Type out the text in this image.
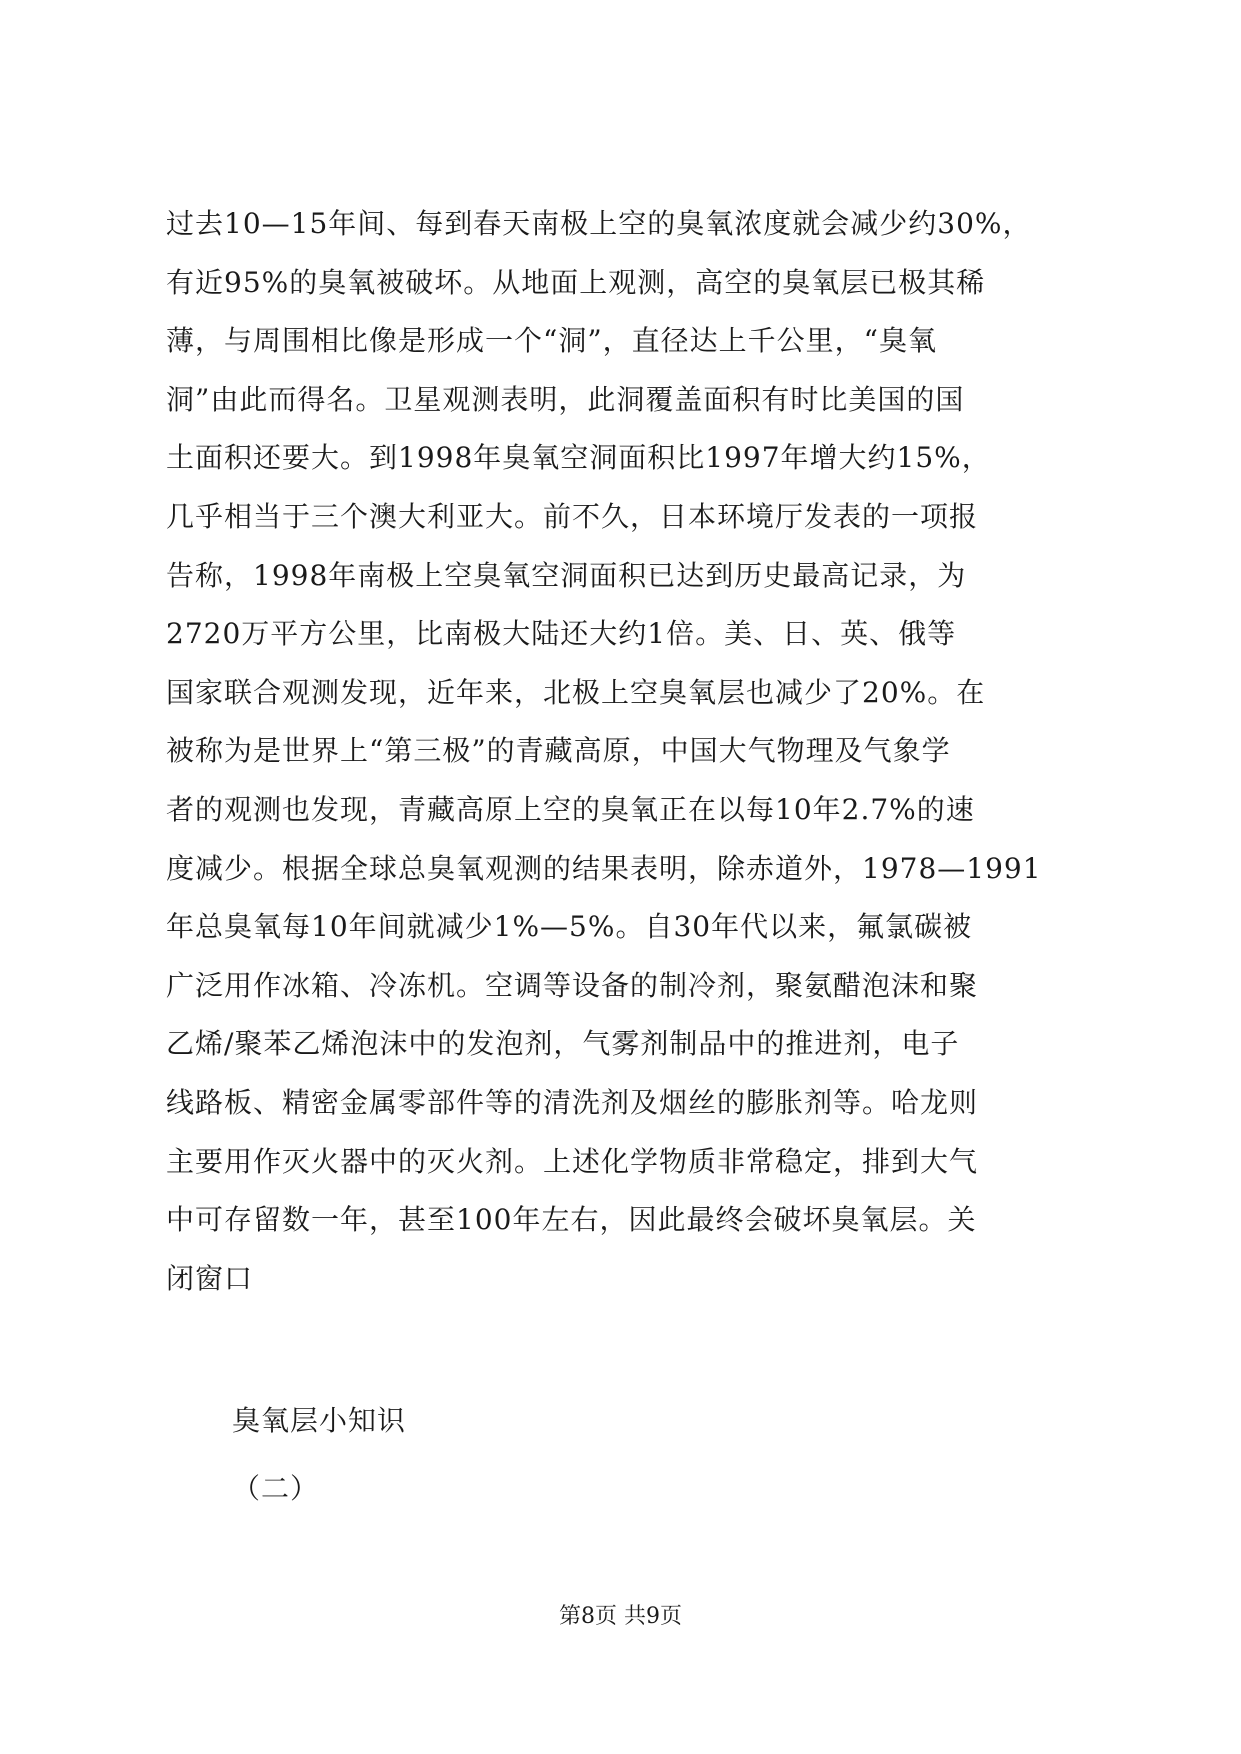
过去10—15年间、每到春天南极上空的臭氧浓度就会减少约30%，
有近95%的臭氧被破坏。从地面上观测，高空的臭氧层已极其稀
薄，与周围相比像是形成一个“洞”，直径达上千公里，“臭氧
洞”由此而得名。卫星观测表明，此洞覆盖面积有时比美国的国
土面积还要大。到1998年臭氧空洞面积比1997年增大约15%，
几乎相当于三个澳大利亚大。前不久，日本环境厅发表的一项报
告称，1998年南极上空臭氧空洞面积已达到历史最高记录，为
2720万平方公里，比南极大陆还大约1倍。美、日、英、俄等
国家联合观测发现，近年来，北极上空臭氧层也减少了20%。在
被称为是世界上“第三极”的青藏高原，中国大气物理及气象学
者的观测也发现，青藏高原上空的臭氧正在以每10年2.7%的速
度减少。根据全球总臭氧观测的结果表明，除赤道外，1978—1991
年总臭氧每10年间就减少1%—5%。自30年代以来，氟氯碳被
广泛用作冰箱、冷冻机。空调等设备的制冷剂，聚氨醋泡沫和聚
乙烯/聚苯乙烯泡沫中的发泡剂，气雾剂制品中的推进剂，电子
线路板、精密金属零部件等的清洗剂及烟丝的膨胀剂等。哈龙则
主要用作灭火器中的灭火剂。上述化学物质非常稳定，排到大气
中可存留数一年，甚至100年左右，因此最终会破坏臭氧层。关
闭窗口
臭氧层小知识

（二）

第8页 共9页
